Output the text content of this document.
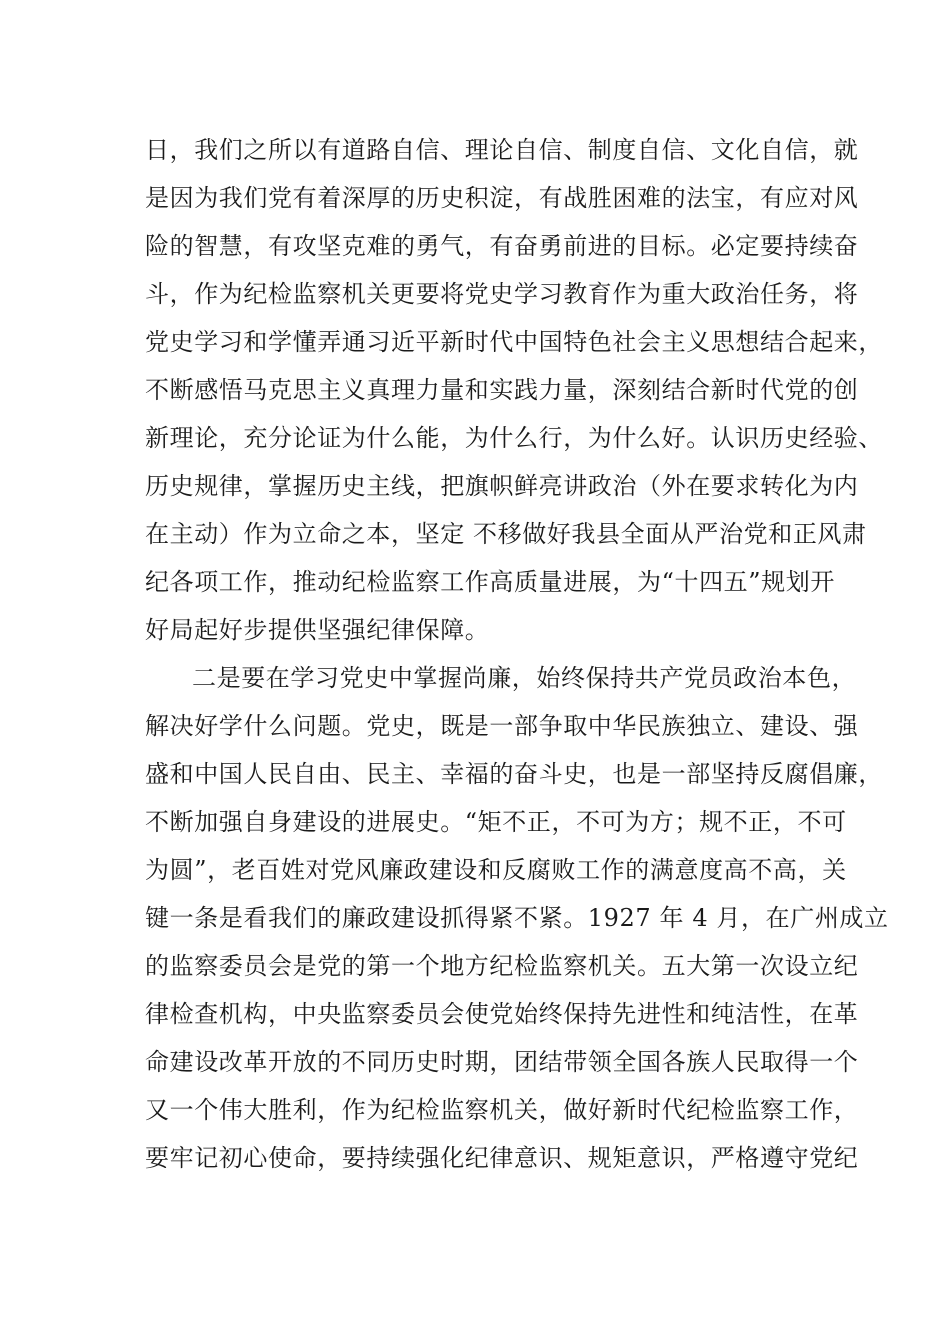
日，我们之所以有道路自信、理论自信、制度自信、文化自信，就
是因为我们党有着深厚的历史积淀，有战胜困难的法宝，有应对风
险的智慧，有攻坚克难的勇气，有奋勇前进的目标。必定要持续奋
斗，作为纪检监察机关更要将党史学习教育作为重大政治任务，将
党史学习和学懂弄通习近平新时代中国特色社会主义思想结合起来，
不断感悟马克思主义真理力量和实践力量，深刻结合新时代党的创
新理论，充分论证为什么能，为什么行，为什么好。认识历史经验、
历史规律，掌握历史主线，把旗帜鲜亮讲政治（外在要求转化为内
在主动）作为立命之本，坚定 不移做好我县全面从严治党和正风肃
纪各项工作，推动纪检监察工作高质量进展，为“十四五”规划开
好局起好步提供坚强纪律保障。
二是要在学习党史中掌握尚廉，始终保持共产党员政治本色，
解决好学什么问题。党史，既是一部争取中华民族独立、建设、强
盛和中国人民自由、民主、幸福的奋斗史，也是一部坚持反腐倡廉，
不断加强自身建设的进展史。“矩不正，不可为方；规不正，不可
为圆”，老百姓对党风廉政建设和反腐败工作的满意度高不高，关
键一条是看我们的廉政建设抓得紧不紧。1927 年 4 月，在广州成立
的监察委员会是党的第一个地方纪检监察机关。五大第一次设立纪
律检查机构，中央监察委员会使党始终保持先进性和纯洁性，在革
命建设改革开放的不同历史时期，团结带领全国各族人民取得一个
又一个伟大胜利，作为纪检监察机关，做好新时代纪检监察工作，
要牢记初心使命，要持续强化纪律意识、规矩意识，严格遵守党纪
